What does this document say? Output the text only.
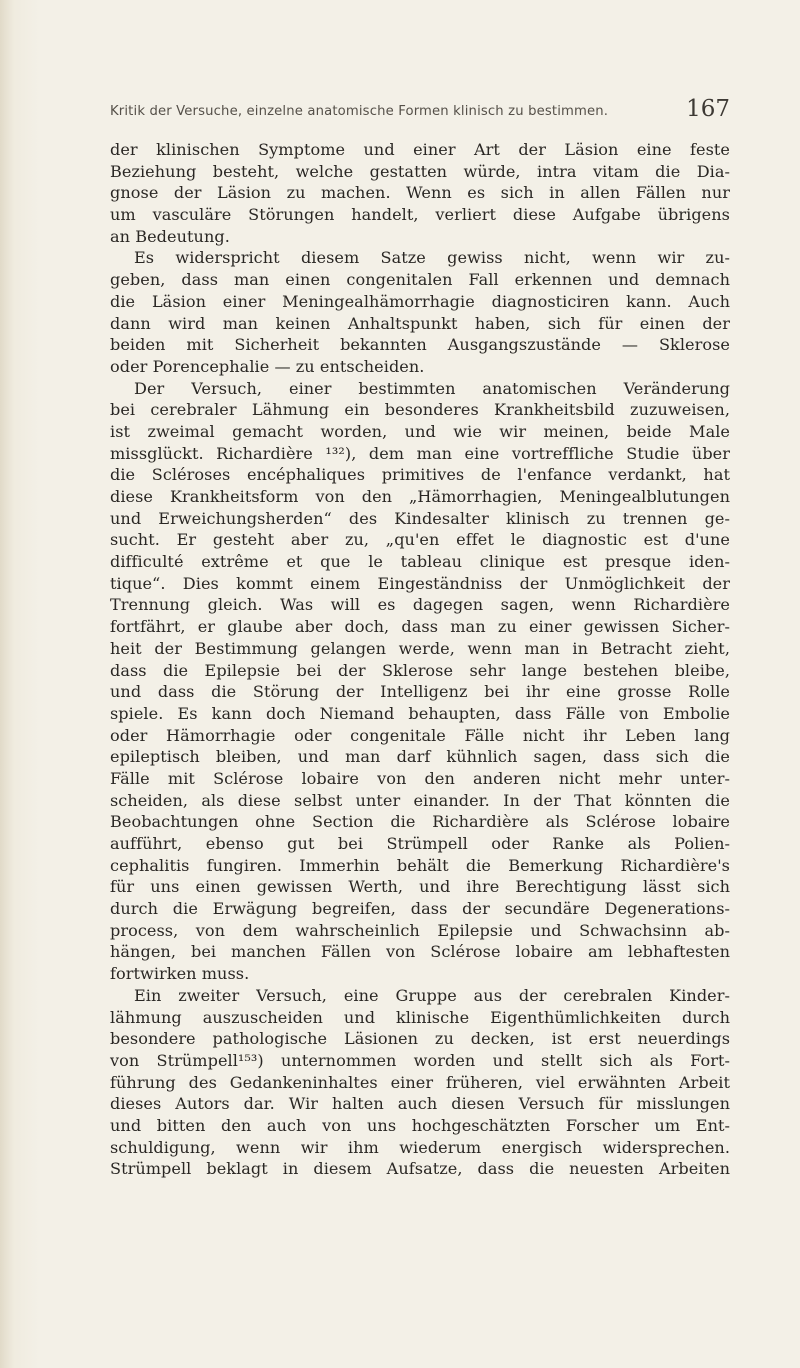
Kritik der Versuche, einzelne anatomische Formen klinisch zu bestimmen.	167
der klinischen Symptome und einer Art der Läsion eine feste
Beziehung besteht, welche gestatten würde, intra vitam die Dia-
gnose der Läsion zu machen. Wenn es sich in allen Fällen nur
um vasculäre Störungen handelt, verliert diese Aufgabe übrigens
an Bedeutung.
Es widerspricht diesem Satze gewiss nicht, wenn wir zu-
geben, dass man einen congenitalen Fall erkennen und demnach
die Läsion einer Meningealhämorrhagie diagnosticiren kann. Auch
dann wird man keinen Anhaltspunkt haben, sich für einen der
beiden mit Sicherheit bekannten Ausgangszustände — Sklerose
oder Porencephalie — zu entscheiden.
Der Versuch, einer bestimmten anatomischen Veränderung
bei cerebraler Lähmung ein besonderes Krankheitsbild zuzuweisen,
ist zweimal gemacht worden, und wie wir meinen, beide Male
missglückt. Richardière ¹³²), dem man eine vortreffliche Studie über
die Scléroses encéphaliques primitives de l'enfance verdankt, hat
diese Krankheitsform von den „Hämorrhagien, Meningealblutungen
und Erweichungsherden“ des Kindesalter klinisch zu trennen ge-
sucht. Er gesteht aber zu, „qu'en effet le diagnostic est d'une
difficulté extrême et que le tableau clinique est presque iden-
tique“. Dies kommt einem Eingeständniss der Unmöglichkeit der
Trennung gleich. Was will es dagegen sagen, wenn Richardière
fortfährt, er glaube aber doch, dass man zu einer gewissen Sicher-
heit der Bestimmung gelangen werde, wenn man in Betracht zieht,
dass die Epilepsie bei der Sklerose sehr lange bestehen bleibe,
und dass die Störung der Intelligenz bei ihr eine grosse Rolle
spiele. Es kann doch Niemand behaupten, dass Fälle von Embolie
oder Hämorrhagie oder congenitale Fälle nicht ihr Leben lang
epileptisch bleiben, und man darf kühnlich sagen, dass sich die
Fälle mit Sclérose lobaire von den anderen nicht mehr unter-
scheiden, als diese selbst unter einander. In der That könnten die
Beobachtungen ohne Section die Richardière als Sclérose lobaire
aufführt, ebenso gut bei Strümpell oder Ranke als Polien-
cephalitis fungiren. Immerhin behält die Bemerkung Richardière's
für uns einen gewissen Werth, und ihre Berechtigung lässt sich
durch die Erwägung begreifen, dass der secundäre Degenerations-
process, von dem wahrscheinlich Epilepsie und Schwachsinn ab-
hängen, bei manchen Fällen von Sclérose lobaire am lebhaftesten
fortwirken muss.
Ein zweiter Versuch, eine Gruppe aus der cerebralen Kinder-
lähmung auszuscheiden und klinische Eigenthümlichkeiten durch
besondere pathologische Läsionen zu decken, ist erst neuerdings
von Strümpell¹⁵³) unternommen worden und stellt sich als Fort-
führung des Gedankeninhaltes einer früheren, viel erwähnten Arbeit
dieses Autors dar. Wir halten auch diesen Versuch für misslungen
und bitten den auch von uns hochgeschätzten Forscher um Ent-
schuldigung, wenn wir ihm wiederum energisch widersprechen.
Strümpell beklagt in diesem Aufsatze, dass die neuesten Arbeiten
